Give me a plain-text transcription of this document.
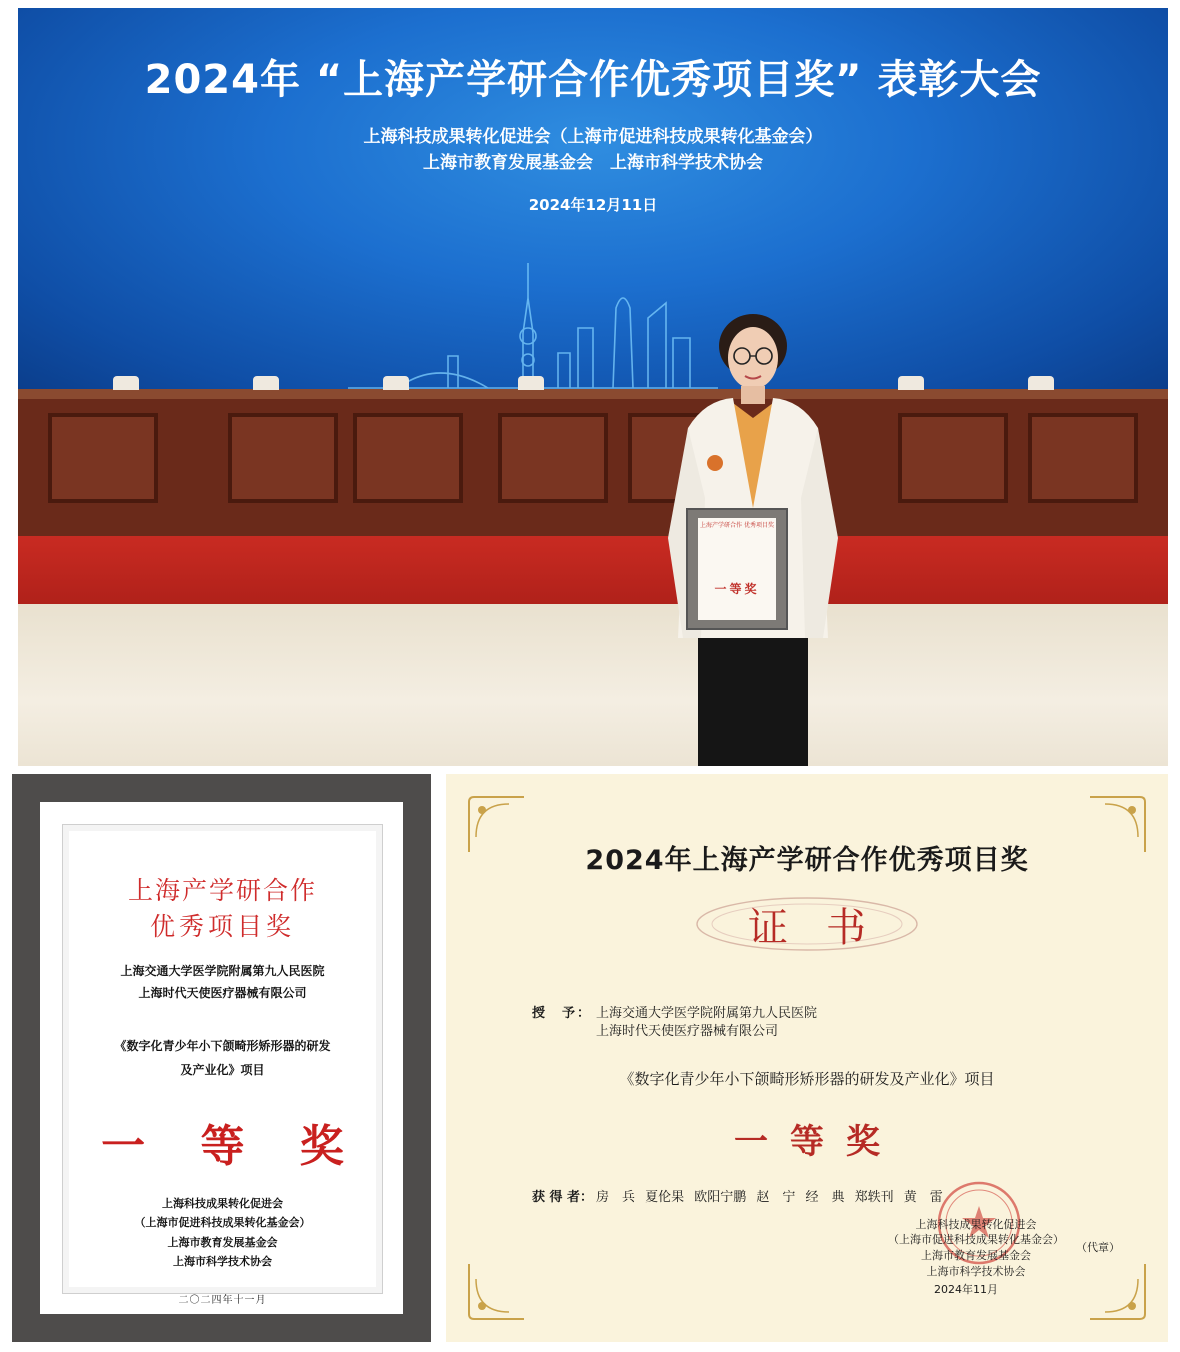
2024年 “上海产学研合作优秀项目奖” 表彰大会
上海科技成果转化促进会（上海市促进科技成果转化基金会）
上海市教育发展基金会　上海市科学技术协会
2024年12月11日
上海产学研合作 优秀项目奖
一等奖
上海产学研合作
优秀项目奖
上海交通大学医学院附属第九人民医院
上海时代天使医疗器械有限公司
《数字化青少年小下颌畸形矫形器的研发
及产业化》项目
一 等 奖
上海科技成果转化促进会
（上海市促进科技成果转化基金会）
上海市教育发展基金会
上海市科学技术协会
二〇二四年十一月
2024年上海产学研合作优秀项目奖
证书
授　予： 上海交通大学医学院附属第九人民医院
上海时代天使医疗器械有限公司
《数字化青少年小下颌畸形矫形器的研发及产业化》项目
一等奖
获 得 者： 房　兵 夏伦果 欧阳宁鹏 赵　宁 经　典 郑轶刊 黄　雷
上海科技成果转化促进会
（上海市促进科技成果转化基金会）
上海市教育发展基金会
上海市科学技术协会
（代章）
2024年11月
